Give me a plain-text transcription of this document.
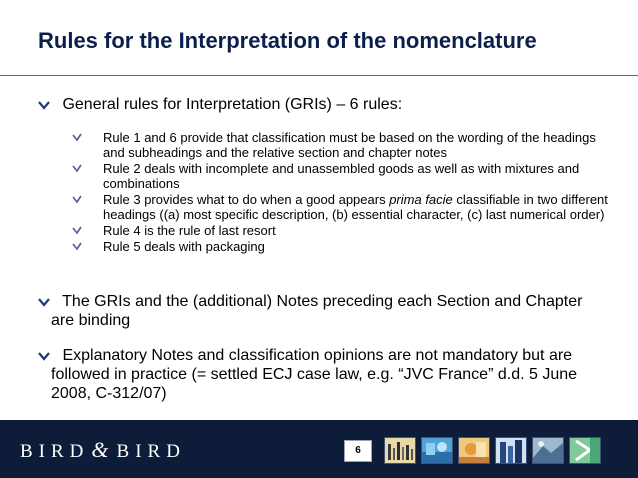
Rules for the Interpretation of the nomenclature
General rules for Interpretation (GRIs) – 6 rules:
Rule 1 and 6 provide that classification must be based on the wording of the headings and subheadings and the relative section and chapter notes
Rule 2 deals with incomplete and unassembled goods as well as with mixtures and combinations
Rule 3 provides what to do when a good appears prima facie classifiable in two different headings ((a) most specific description, (b) essential character, (c) last numerical order)
Rule 4 is the rule of last resort
Rule 5 deals with packaging
The GRIs and the (additional) Notes preceding each Section and Chapter
are binding
Explanatory Notes and classification opinions are not mandatory but are
followed in practice (= settled ECJ case law, e.g. “JVC France” d.d. 5 June
2008, C-312/07)
BIRD& BIRD	6
